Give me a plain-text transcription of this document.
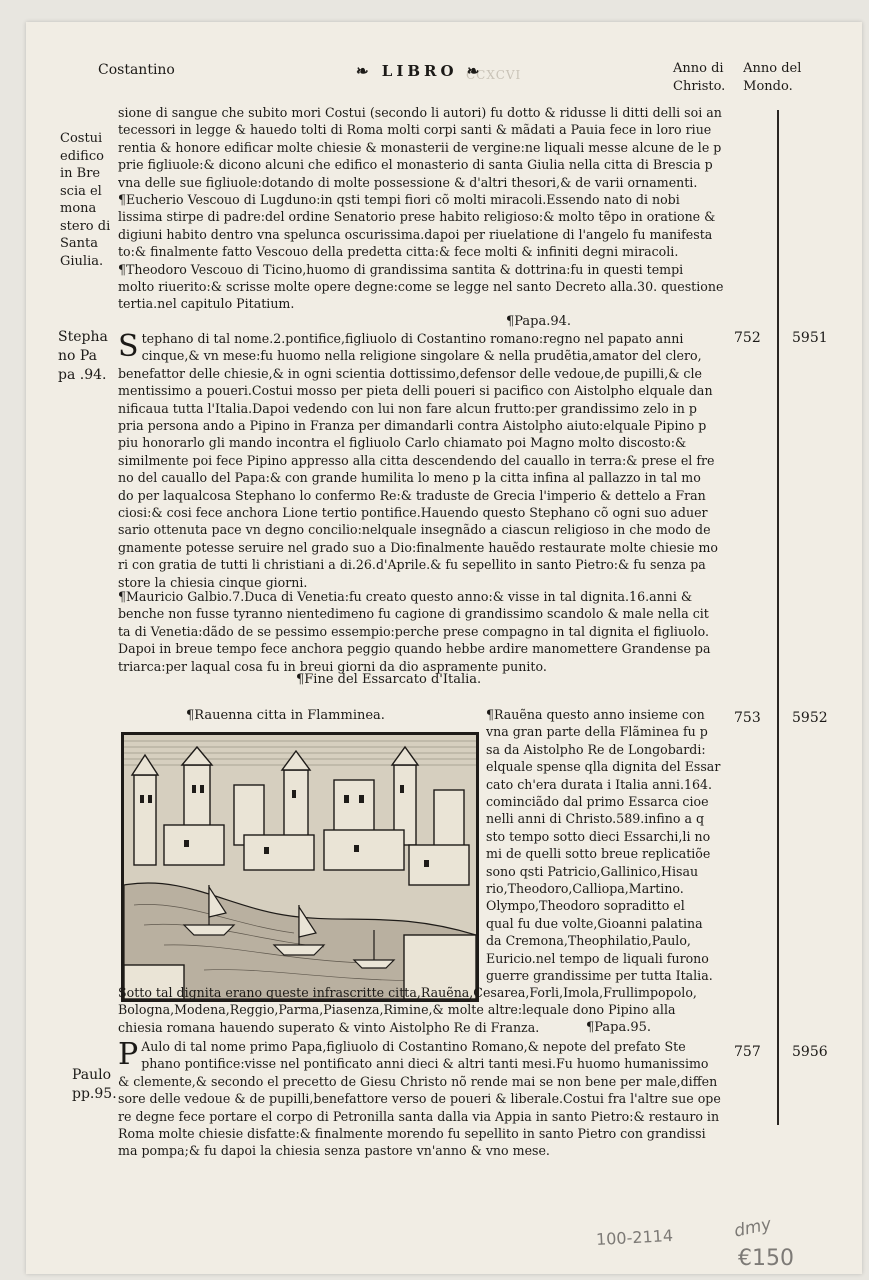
CCXCVI
Costantino	❧ LIBRO ❧	Anno di
Christo.

Anno del
Mondo.
Costui
edifico
in Bre
scia el
mona
stero di
Santa
Giulia.
Stepha
no Pa
pa .94.
Paulo
pp.95.
sione di sangue che subito mori Costui (secondo li autori) fu dotto & ridusse li ditti delli soi an
tecessori in legge & hauedo tolti di Roma molti corpi santi & mãdati a Pauia fece in loro riue
rentia & honore edificar molte chiesie & monasterii de vergine:ne liquali messe alcune de le p
prie figliuole:& dicono alcuni che edifico el monasterio di santa Giulia nella citta di Brescia p
vna delle sue figliuole:dotando di molte possessione & d'altri thesori,& de varii ornamenti.
¶Eucherio Vescouo di Lugduno:in qsti tempi fiori cõ molti miracoli.Essendo nato di nobi
lissima stirpe di padre:del ordine Senatorio prese habito religioso:& molto tẽpo in oratione &
digiuni habito dentro vna spelunca oscurissima.dapoi per riuelatione di l'angelo fu manifesta
to:& finalmente fatto Vescouo della predetta citta:& fece molti & infiniti degni miracoli.
¶Theodoro Vescouo di Ticino,huomo di grandissima santita & dottrina:fu in questi tempi
molto riuerito:& scrisse molte opere degne:come se legge nel santo Decreto alla.30. questione
tertia.nel capitulo Pitatium.
¶Papa.94.
S tephano di tal nome.2.pontifice,figliuolo di Costantino romano:regno nel papato anni
cinque,& vn mese:fu huomo nella religione singolare & nella prudẽtia,amator del clero,
benefattor delle chiesie,& in ogni scientia dottissimo,defensor delle vedoue,de pupilli,& cle
mentissimo a poueri.Costui mosso per pieta delli poueri si pacifico con Aistolpho elquale dan
nificaua tutta l'Italia.Dapoi vedendo con lui non fare alcun frutto:per grandissimo zelo in p
pria persona ando a Pipino in Franza per dimandarli contra Aistolpho aiuto:elquale Pipino p
piu honorarlo gli mando incontra el figliuolo Carlo chiamato poi Magno molto discosto:&
similmente poi fece Pipino appresso alla citta descendendo del cauallo in terra:& prese el fre
no del cauallo del Papa:& con grande humilita lo meno p la citta infina al pallazzo in tal mo
do per laqualcosa Stephano lo confermo Re:& traduste de Grecia l'imperio & dettelo a Fran
ciosi:& cosi fece anchora Lione tertio pontifice.Hauendo questo Stephano cõ ogni suo aduer
sario ottenuta pace vn degno concilio:nelquale insegnãdo a ciascun religioso in che modo de
gnamente potesse seruire nel grado suo a Dio:finalmente hauẽdo restaurate molte chiesie mo
ri con gratia de tutti li christiani a di.26.d'Aprile.& fu sepellito in santo Pietro:& fu senza pa
store la chiesia cinque giorni.
¶Mauricio Galbio.7.Duca di Venetia:fu creato questo anno:& visse in tal dignita.16.anni &
benche non fusse tyranno nientedimeno fu cagione di grandissimo scandolo & male nella cit
ta di Venetia:dãdo de se pessimo essempio:perche prese compagno in tal dignita el figliuolo.
Dapoi in breue tempo fece anchora peggio quando hebbe ardire manomettere Grandense pa
triarca:per laqual cosa fu in breui giorni da dio aspramente punito.
¶Fine del Essarcato d'Italia.
¶Rauenna citta in Flamminea.	¶Rauẽna questo anno insieme con
vna gran parte della Flãminea fu p
sa da Aistolpho Re de Longobardi:
elquale spense qlla dignita del Essar
cato ch'era durata i Italia anni.164.
cominciãdo dal primo Essarca cioe
nelli anni di Christo.589.infino a q
sto tempo sotto dieci Essarchi,li no
mi de quelli sotto breue replicatiõe
sono qsti Patricio,Gallinico,Hisau
rio,Theodoro,Calliopa,Martino.
Olympo,Theodoro sopraditto el
qual fu due volte,Gioanni palatina
da Cremona,Theophilatio,Paulo,
Euricio.nel tempo de liquali furono
guerre grandissime per tutta Italia.
Sotto tal dignita erano queste infrascritte citta,Rauẽna,Cesarea,Forli,Imola,Frullimpopolo,
Bologna,Modena,Reggio,Parma,Piasenza,Rimine,& molte altre:lequale dono Pipino alla
chiesia romana hauendo superato & vinto Aistolpho Re di Franza.	¶Papa.95.
P Aulo di tal nome primo Papa,figliuolo di Costantino Romano,& nepote del prefato Ste
phano pontifice:visse nel pontificato anni dieci & altri tanti mesi.Fu huomo humanissimo
& clemente,& secondo el precetto de Giesu Christo nõ rende mai se non bene per male,diffen
sore delle vedoue & de pupilli,benefattore verso de poueri & liberale.Costui fra l'altre sue ope
re degne fece portare el corpo di Petronilla santa dalla via Appia in santo Pietro:& restauro in
Roma molte chiesie disfatte:& finalmente morendo fu sepellito in santo Pietro con grandissi
ma pompa;& fu dapoi la chiesia senza pastore vn'anno & vno mese.
752 5951
753 5952
757 5956
100-2114	dmy
€150
